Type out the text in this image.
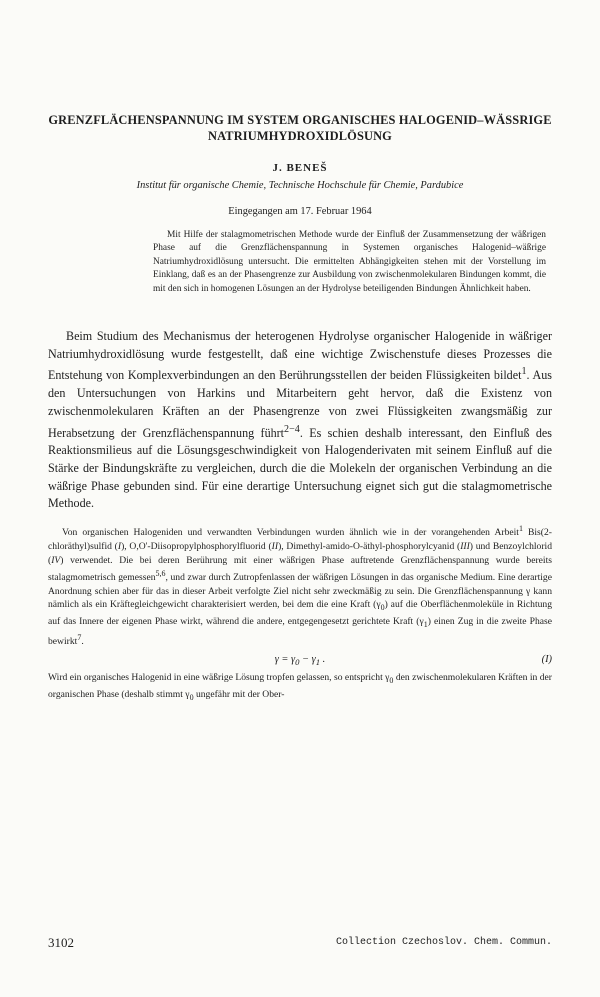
GRENZFLÄCHENSPANNUNG IM SYSTEM ORGANISCHES HALOGENID–WÄSSRIGE NATRIUMHYDROXIDLÖSUNG
J. BENEŠ
Institut für organische Chemie, Technische Hochschule für Chemie, Pardubice
Eingegangen am 17. Februar 1964
Mit Hilfe der stalagmometrischen Methode wurde der Einfluß der Zusammensetzung der wäßrigen Phase auf die Grenzflächenspannung in Systemen organisches Halogenid–wäßrige Natriumhydroxidlösung untersucht. Die ermittelten Abhängigkeiten stehen mit der Vorstellung im Einklang, daß es an der Phasengrenze zur Ausbildung von zwischenmolekularen Bindungen kommt, die mit den sich in homogenen Lösungen an der Hydrolyse beteiligenden Bindungen Ähnlichkeit haben.
Beim Studium des Mechanismus der heterogenen Hydrolyse organischer Halogenide in wäßriger Natriumhydroxidlösung wurde festgestellt, daß eine wichtige Zwischenstufe dieses Prozesses die Entstehung von Komplexverbindungen an den Berührungsstellen der beiden Flüssigkeiten bildet$^1$. Aus den Untersuchungen von Harkins und Mitarbeitern geht hervor, daß die Existenz von zwischenmolekularen Kräften an der Phasengrenze von zwei Flüssigkeiten zwangsmäßig zur Herabsetzung der Grenzflächenspannung führt$^{2-4}$. Es schien deshalb interessant, den Einfluß des Reaktionsmilieus auf die Lösungsgeschwindigkeit von Halogenderivaten mit seinem Einfluß auf die Stärke der Bindungskräfte zu vergleichen, durch die die Molekeln der organischen Verbindung an die wäßrige Phase gebunden sind. Für eine derartige Untersuchung eignet sich gut die stalagmometrische Methode.
Von organischen Halogeniden und verwandten Verbindungen wurden ähnlich wie in der vorangehenden Arbeit$^1$ Bis(2-chloräthyl)sulfid (I), O,O'-Diisopropylphosphorylfluorid (II), Dimethyl-amido-O-äthyl-phosphorylcyanid (III) und Benzoylchlorid (IV) verwendet. Die bei deren Berührung mit einer wäßrigen Phase auftretende Grenzflächenspannung wurde bereits stalagmometrisch gemessen$^{5,6}$, und zwar durch Zutropfenlassen der wäßrigen Lösungen in das organische Medium. Eine derartige Anordnung schien aber für das in dieser Arbeit verfolgte Ziel nicht sehr zweckmäßig zu sein. Die Grenzflächenspannung γ kann nämlich als ein Kräftegleichgewicht charakterisiert werden, bei dem die eine Kraft $(\gamma_0)$ auf die Oberflächenmoleküle in Richtung auf das Innere der eigenen Phase wirkt, während die andere, entgegengesetzt gerichtete Kraft $(\gamma_1)$ einen Zug in die zweite Phase bewirkt$^7$.
$\gamma = \gamma_0 - \gamma_1$ .	(I)
Wird ein organisches Halogenid in eine wäßrige Lösung tropfen gelassen, so entspricht $\gamma_0$ den zwischenmolekularen Kräften in der organischen Phase (deshalb stimmt $\gamma_0$ ungefähr mit der Ober-
3102	Collection Czechoslov. Chem. Commun.
